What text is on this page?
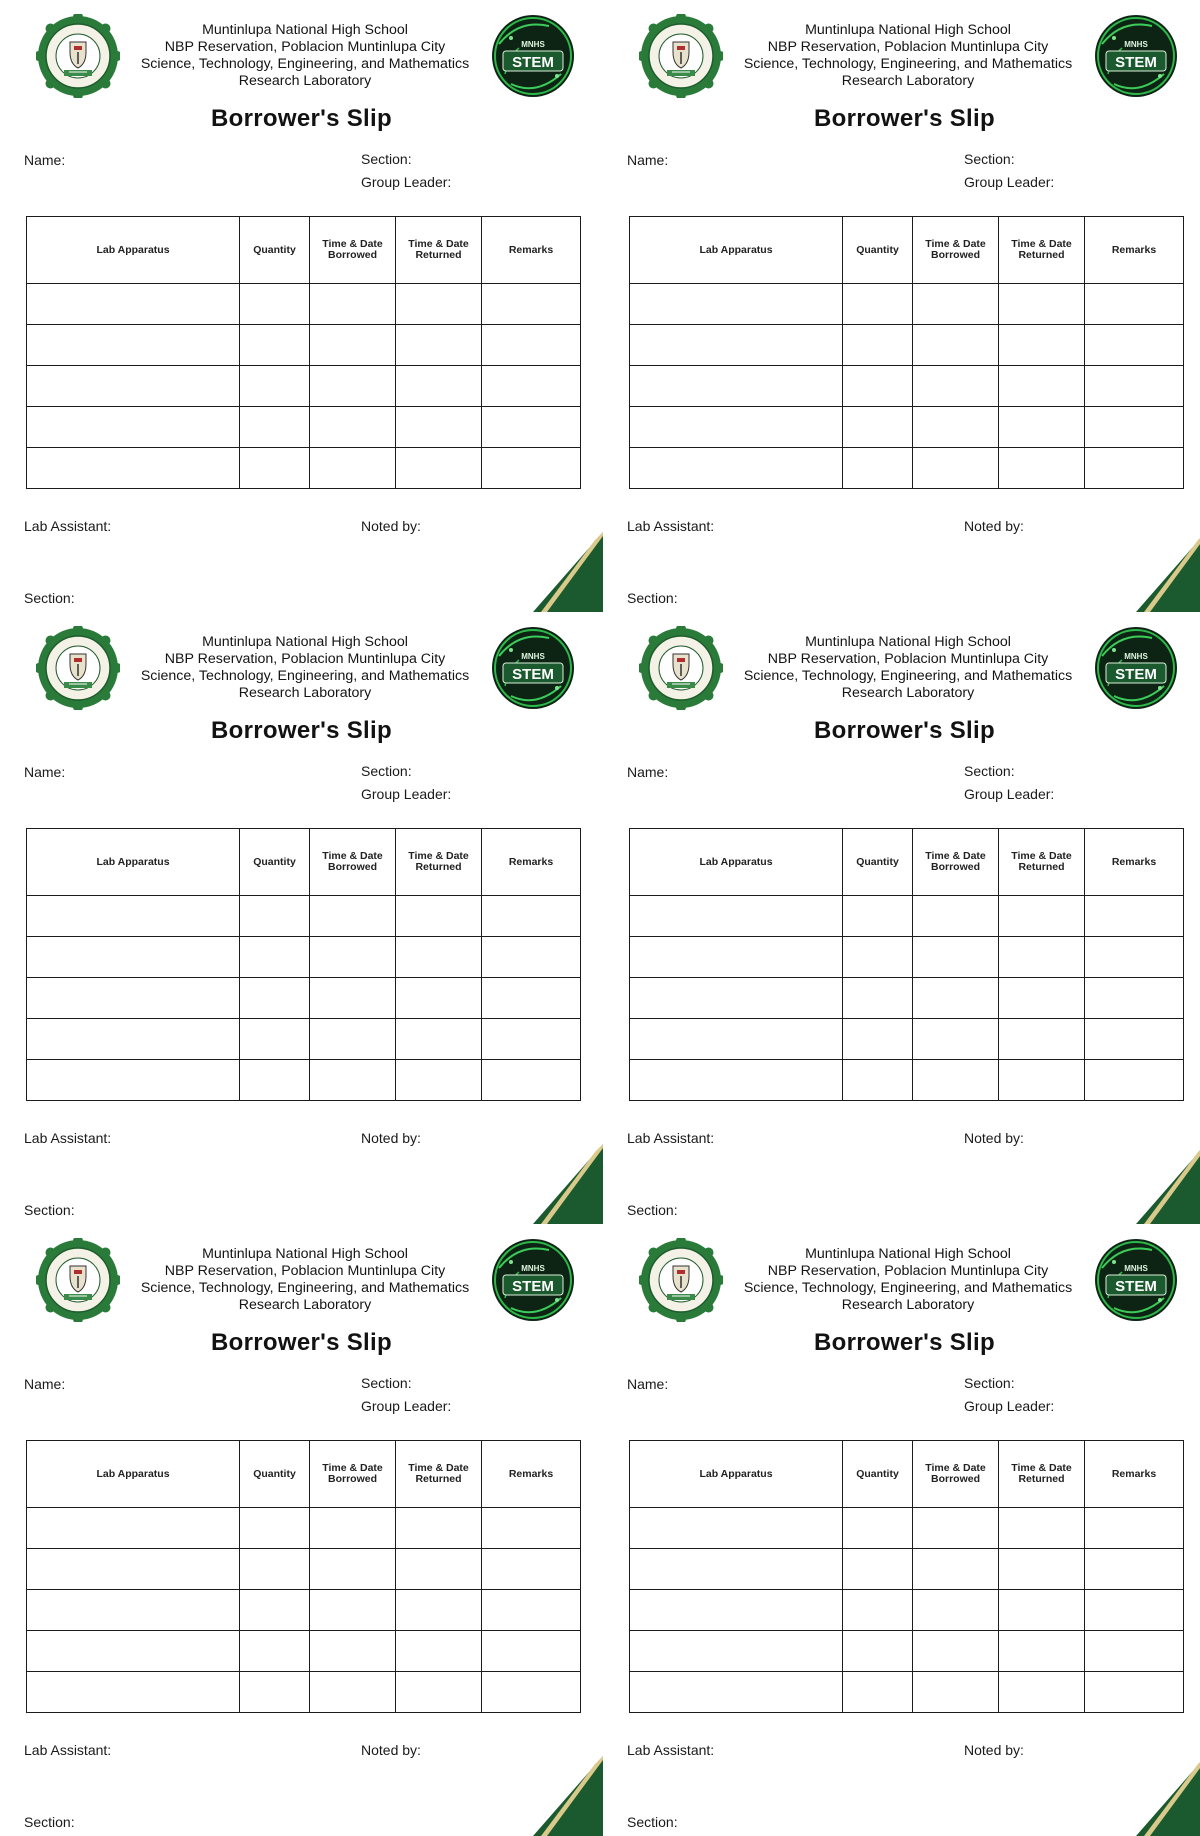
Muntinlupa National High School
NBP Reservation, Poblacion Muntinlupa City
Science, Technology, Engineering, and Mathematics
Research Laboratory
MNHS
STEM
Borrower's Slip
Name:	Section:
Group Leader:
Lab Apparatus	Quantity	Time & Date Borrowed	Time & Date Returned	Remarks

Lab Assistant:	Noted by:
Section:
Muntinlupa National High School
NBP Reservation, Poblacion Muntinlupa City
Science, Technology, Engineering, and Mathematics
Research Laboratory
MNHS
STEM
Borrower's Slip
Name:	Section:
Group Leader:
Lab Apparatus	Quantity	Time & Date Borrowed	Time & Date Returned	Remarks

Lab Assistant:	Noted by:
Section:
Muntinlupa National High School
NBP Reservation, Poblacion Muntinlupa City
Science, Technology, Engineering, and Mathematics
Research Laboratory
MNHS
STEM
Borrower's Slip
Name:	Section:
Group Leader:
Lab Apparatus	Quantity	Time & Date Borrowed	Time & Date Returned	Remarks

Lab Assistant:	Noted by:
Section:
Muntinlupa National High School
NBP Reservation, Poblacion Muntinlupa City
Science, Technology, Engineering, and Mathematics
Research Laboratory
MNHS
STEM
Borrower's Slip
Name:	Section:
Group Leader:
Lab Apparatus	Quantity	Time & Date Borrowed	Time & Date Returned	Remarks

Lab Assistant:	Noted by:
Section:
Muntinlupa National High School
NBP Reservation, Poblacion Muntinlupa City
Science, Technology, Engineering, and Mathematics
Research Laboratory
MNHS
STEM
Borrower's Slip
Name:	Section:
Group Leader:
Lab Apparatus	Quantity	Time & Date Borrowed	Time & Date Returned	Remarks

Lab Assistant:	Noted by:
Section:
Muntinlupa National High School
NBP Reservation, Poblacion Muntinlupa City
Science, Technology, Engineering, and Mathematics
Research Laboratory
MNHS
STEM
Borrower's Slip
Name:	Section:
Group Leader:
Lab Apparatus	Quantity	Time & Date Borrowed	Time & Date Returned	Remarks

Lab Assistant:	Noted by:
Section:
